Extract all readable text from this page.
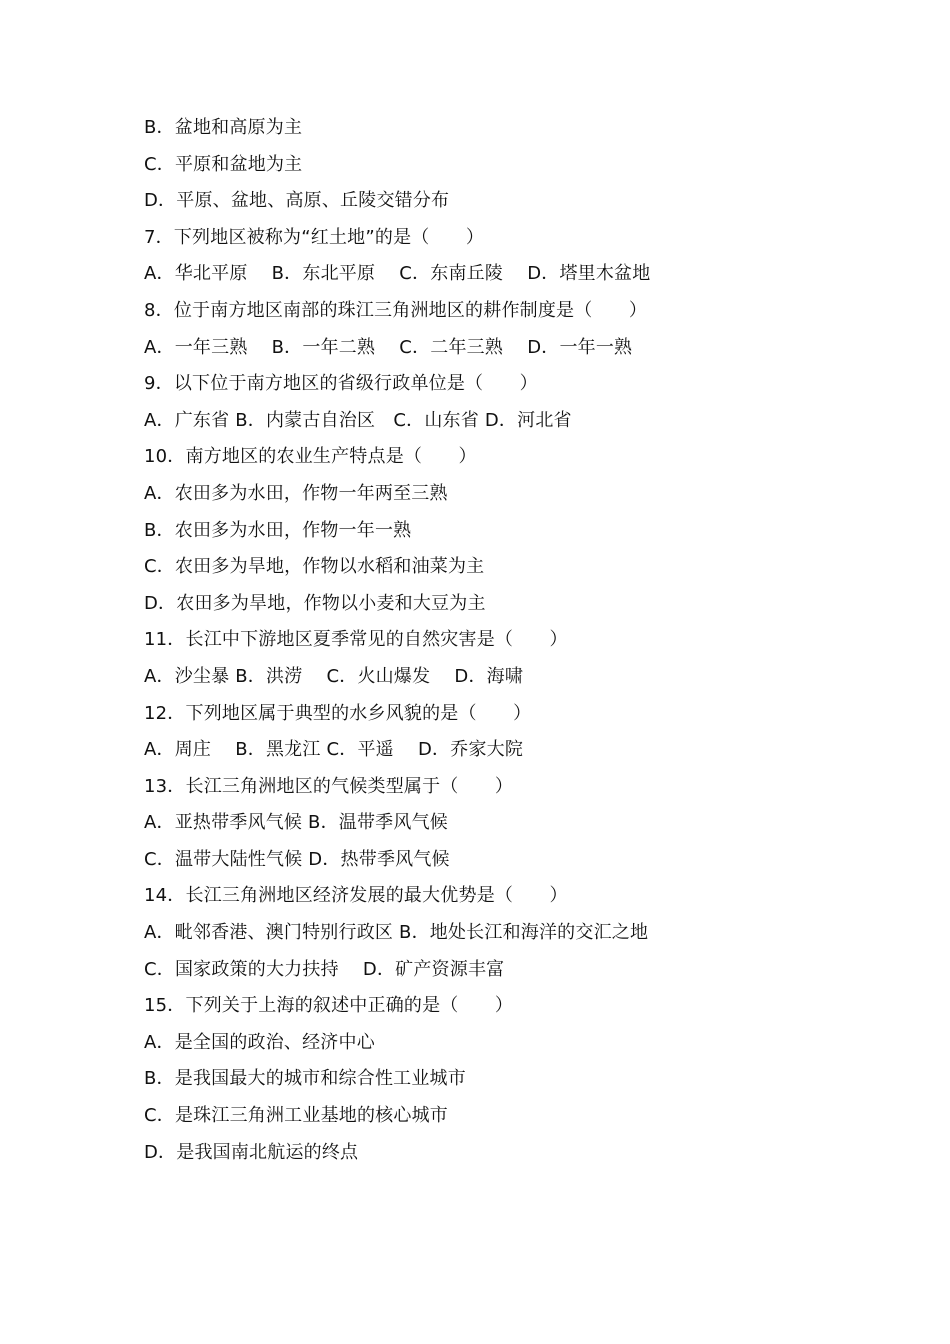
B．盆地和高原为主
C．平原和盆地为主
D．平原、盆地、高原、丘陵交错分布
7．下列地区被称为“红土地”的是（　　）
A．华北平原　 B．东北平原　 C．东南丘陵　 D．塔里木盆地
8．位于南方地区南部的珠江三角洲地区的耕作制度是（　　）
A．一年三熟　 B．一年二熟　 C．二年三熟　 D．一年一熟
9．以下位于南方地区的省级行政单位是（　　）
A．广东省 B．内蒙古自治区　C．山东省 D．河北省
10．南方地区的农业生产特点是（　　）
A．农田多为水田，作物一年两至三熟
B．农田多为水田，作物一年一熟
C．农田多为旱地，作物以水稻和油菜为主
D．农田多为旱地，作物以小麦和大豆为主
11．长江中下游地区夏季常见的自然灾害是（　　）
A．沙尘暴 B．洪涝　 C．火山爆发　 D．海啸
12．下列地区属于典型的水乡风貌的是（　　）
A．周庄　 B．黑龙江 C．平遥　 D．乔家大院
13．长江三角洲地区的气候类型属于（　　）
A．亚热带季风气候 B．温带季风气候
C．温带大陆性气候 D．热带季风气候
14．长江三角洲地区经济发展的最大优势是（　　）
A．毗邻香港、澳门特别行政区 B．地处长江和海洋的交汇之地
C．国家政策的大力扶持　 D．矿产资源丰富
15．下列关于上海的叙述中正确的是（　　）
A．是全国的政治、经济中心
B．是我国最大的城市和综合性工业城市
C．是珠江三角洲工业基地的核心城市
D．是我国南北航运的终点
